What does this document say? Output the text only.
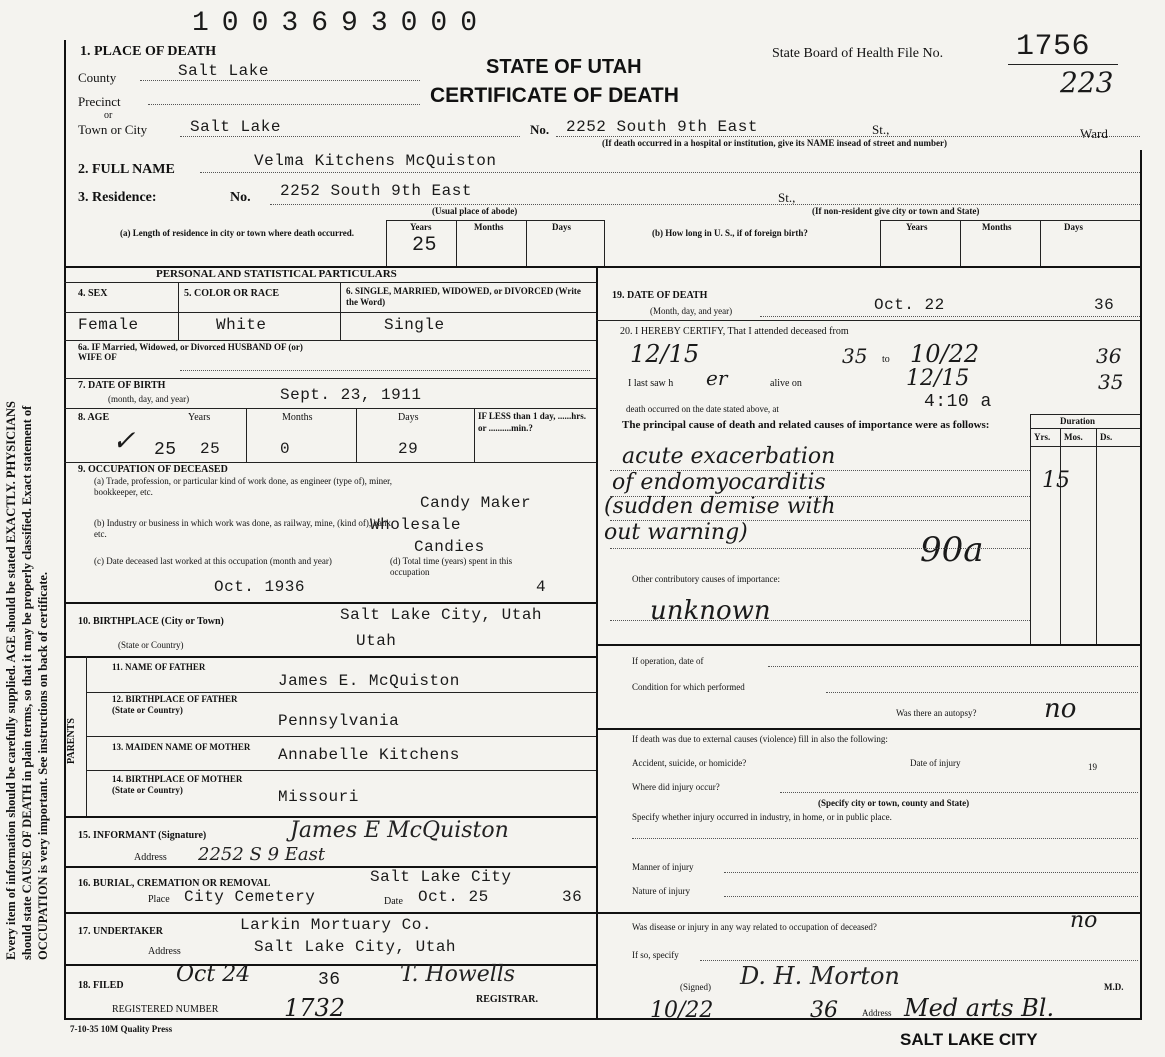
Every item of information should be carefully supplied. AGE should be stated EXACTLY. PHYSICIANS should state CAUSE OF DEATH in plain terms, so that it may be properly classified. Exact statement of OCCUPATION is very important. See instructions on back of certificate.
1003693000
1. PLACE OF DEATH
STATE OF UTAH
CERTIFICATE OF DEATH
State Board of Health File No. 1756
223
County	Salt Lake
Precinct
or
Town or City	Salt Lake	No. 2252 South 9th East	St.,	Ward
(If death occurred in a hospital or institution, give its NAME insead of street and number)
2. FULL NAME	Velma Kitchens McQuiston
3. Residence:	No. 2252 South 9th East	St.,
(Usual place of abode)	(If non-resident give city or town and State)
(a) Length of residence in city or town where death occurred.
Years	Months	Days
25
(b) How long in U. S., if of foreign birth?
Years	Months	Days
PERSONAL AND STATISTICAL PARTICULARS
4. SEX	5. COLOR OR RACE	6. SINGLE, MARRIED, WIDOWED, or DIVORCED (Write the Word)
Female	White	Single
6a. IF Married, Widowed, or Divorced HUSBAND OF (or) WIFE OF
7. DATE OF BIRTH
(month, day, and year)	Sept. 23, 1911
8. AGE	Years	Months	Days
✓ 25 25	0	29
IF LESS than 1 day, ......hrs. or ..........min.?
9. OCCUPATION OF DECEASED
(a) Trade, profession, or particular kind of work done, as engineer (type of), miner, bookkeeper, etc.
Candy Maker
(b) Industry or business in which work was done, as railway, mine, (kind of), bank, etc.	Wholesale
Candies
(c) Date deceased last worked at this occupation (month and year)
Oct. 1936
(d) Total time (years) spent in this occupation
4
10. BIRTHPLACE (City or Town)	Salt Lake City, Utah
(State or Country)	Utah
PARENTS
11. NAME OF FATHER
James E. McQuiston
12. BIRTHPLACE OF FATHER (State or Country)
Pennsylvania
13. MAIDEN NAME OF MOTHER Annabelle Kitchens
14. BIRTHPLACE OF MOTHER (State or Country)	Missouri
15. INFORMANT (Signature)	James E McQuiston
Address 2252 S 9 East
16. BURIAL, CREMATION OR REMOVAL	Salt Lake City
Place City Cemetery	Date Oct. 25	36
17. UNDERTAKER	Larkin Mortuary Co.
Address	Salt Lake City, Utah
18. FILED Oct 24	36	T. Howells
REGISTRAR.
REGISTERED NUMBER	1732
19. DATE OF DEATH
(Month, day, and year)	Oct. 22	36
20. I HEREBY CERTIFY, That I attended deceased from
12/15	35 to 10/22	36
I last saw h er	alive on	12/15	35
death occurred on the date stated above, at	4:10 a
The principal cause of death and related causes of importance were as follows:	Duration
Yrs. Mos. Ds.
acute exacerbation
of endomyocarditis	15
(sudden demise with
out warning)	90a
Other contributory causes of importance:
unknown
If operation, date of
Condition for which performed
Was there an autopsy?	no
If death was due to external causes (violence) fill in also the following:
Accident, suicide, or homicide?	Date of injury	19
Where did injury occur?
(Specify city or town, county and State)
Specify whether injury occurred in industry, in home, or in public place.
Manner of injury
Nature of injury
Was disease or injury in any way related to occupation of deceased?	no
If so, specify
(Signed) D. H. Morton	M.D.
10/22	36	Address Med arts Bl.
7-10-35 10M Quality Press
SALT LAKE CITY
